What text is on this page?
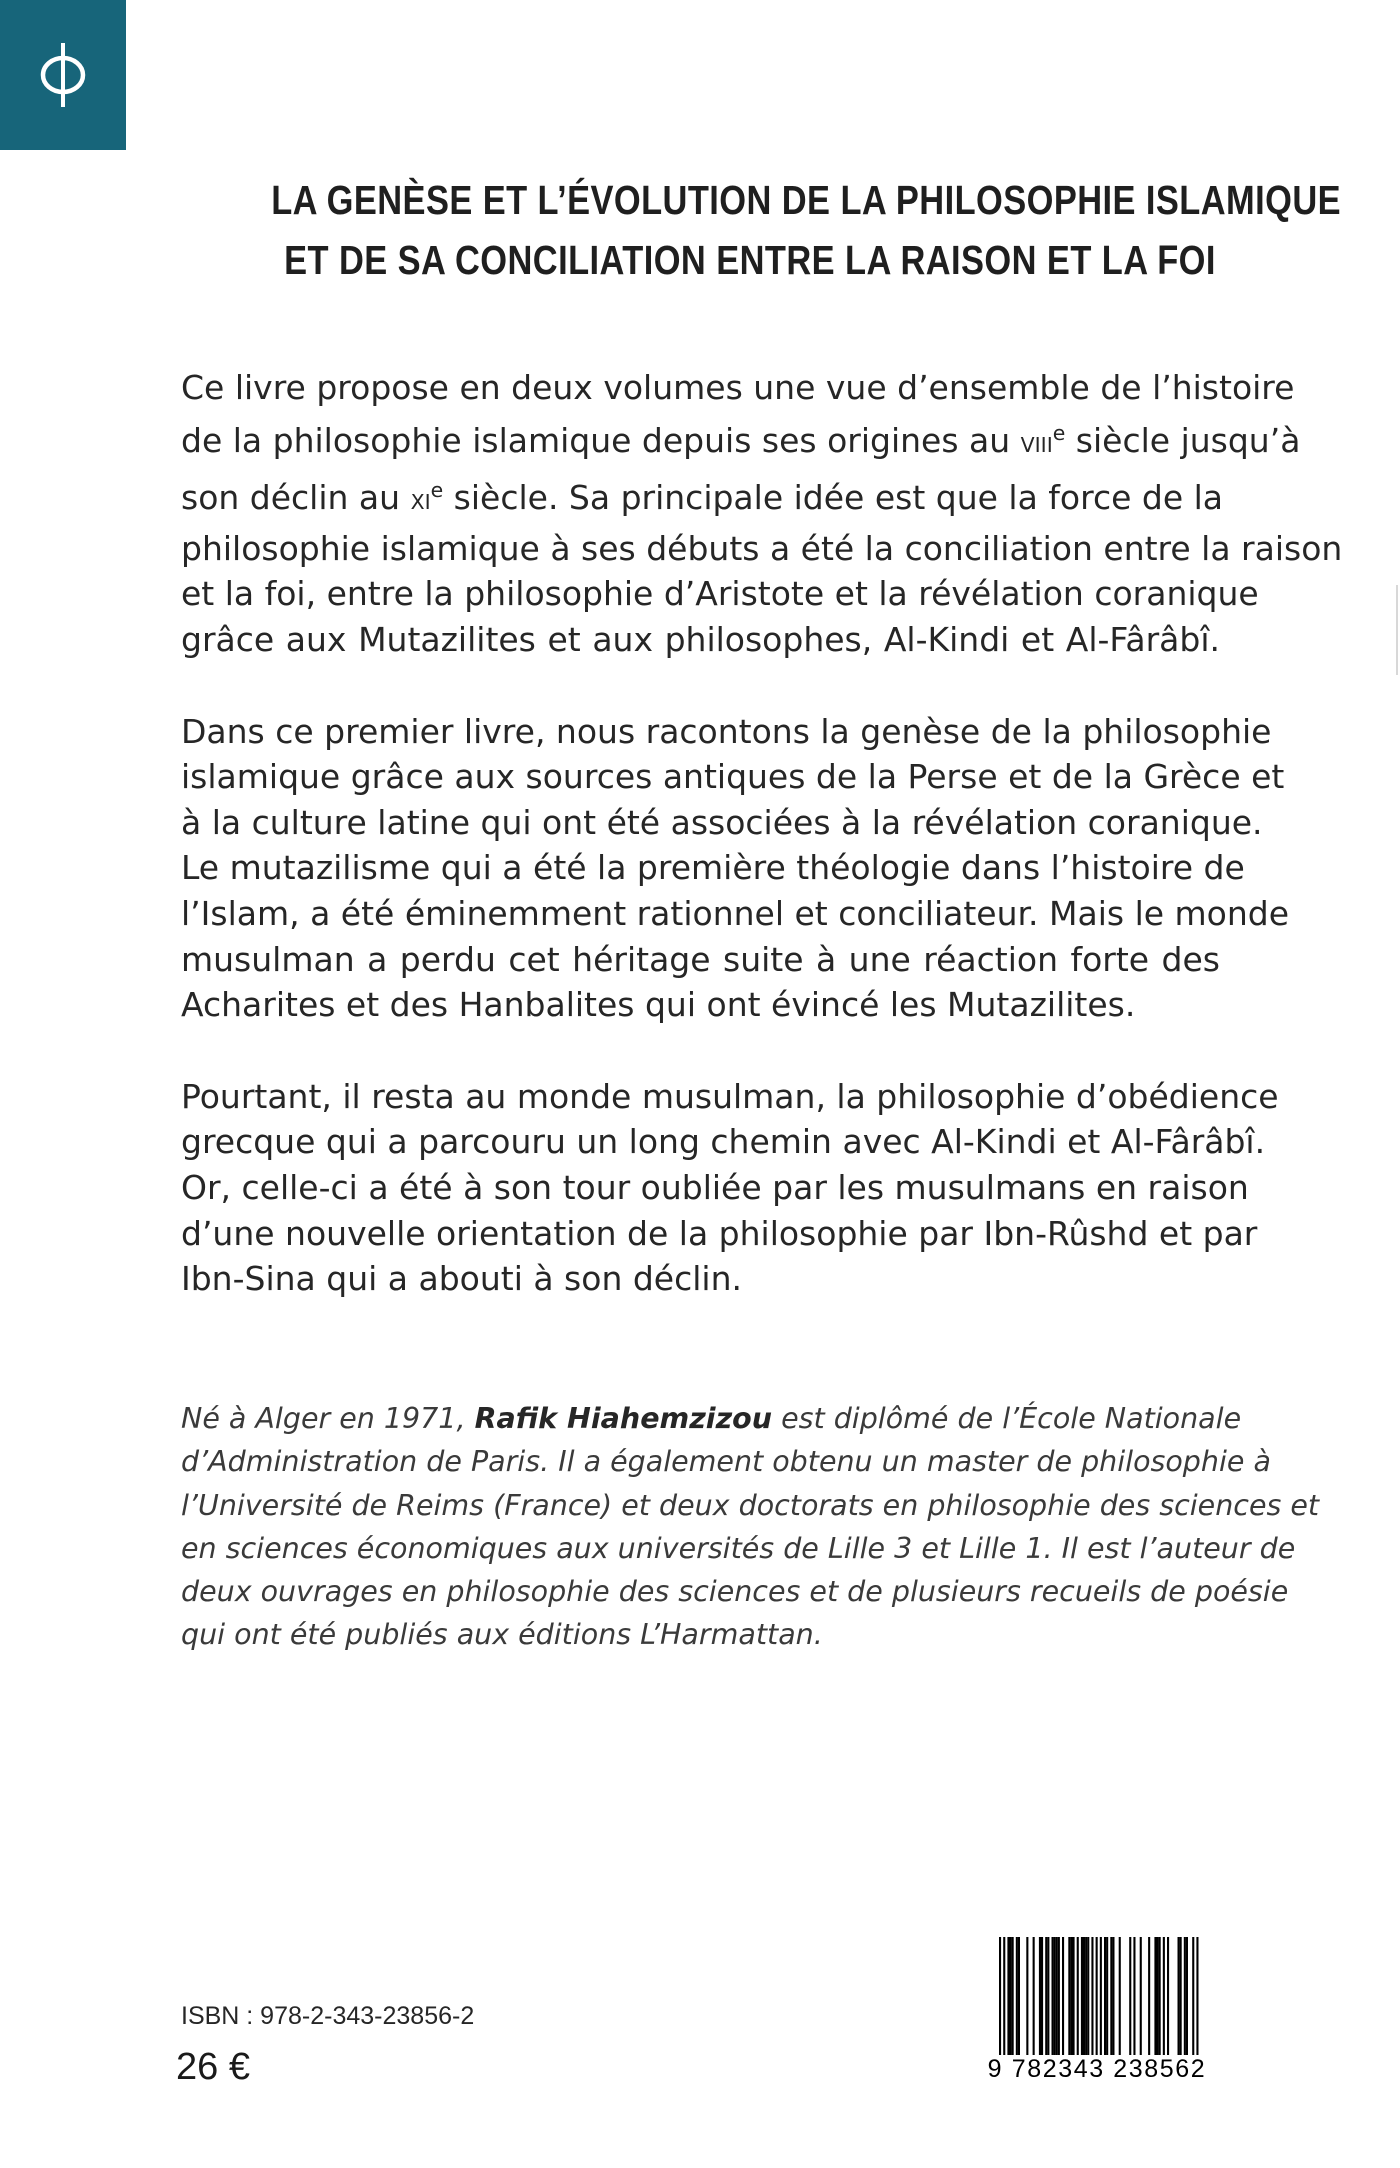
LA GENÈSE ET L’ÉVOLUTION DE LA PHILOSOPHIE ISLAMIQUE
ET DE SA CONCILIATION ENTRE LA RAISON ET LA FOI

Ce livre propose en deux volumes une vue d’ensemble de l’histoire
de la philosophie islamique depuis ses origines au VIIIe siècle jusqu’à
son déclin au XIe siècle. Sa principale idée est que la force de la
philosophie islamique à ses débuts a été la conciliation entre la raison
et la foi, entre la philosophie d’Aristote et la révélation coranique
grâce aux Mutazilites et aux philosophes, Al-Kindi et Al-Fârâbî.

Dans ce premier livre, nous racontons la genèse de la philosophie
islamique grâce aux sources antiques de la Perse et de la Grèce et
à la culture latine qui ont été associées à la révélation coranique.
Le mutazilisme qui a été la première théologie dans l’histoire de
l’Islam, a été éminemment rationnel et conciliateur. Mais le monde
musulman a perdu cet héritage suite à une réaction forte des
Acharites et des Hanbalites qui ont évincé les Mutazilites.

Pourtant, il resta au monde musulman, la philosophie d’obédience
grecque qui a parcouru un long chemin avec Al-Kindi et Al-Fârâbî.
Or, celle-ci a été à son tour oubliée par les musulmans en raison
d’une nouvelle orientation de la philosophie par Ibn-Rûshd et par
Ibn-Sina qui a abouti à son déclin.

Né à Alger en 1971, Rafik Hiahemzizou est diplômé de l’École Nationale
d’Administration de Paris. Il a également obtenu un master de philosophie à
l’Université de Reims (France) et deux doctorats en philosophie des sciences et
en sciences économiques aux universités de Lille 3 et Lille 1. Il est l’auteur de
deux ouvrages en philosophie des sciences et de plusieurs recueils de poésie
qui ont été publiés aux éditions L’Harmattan.
ISBN : 978-2-343-23856-2
26 €	9 782343 238562
